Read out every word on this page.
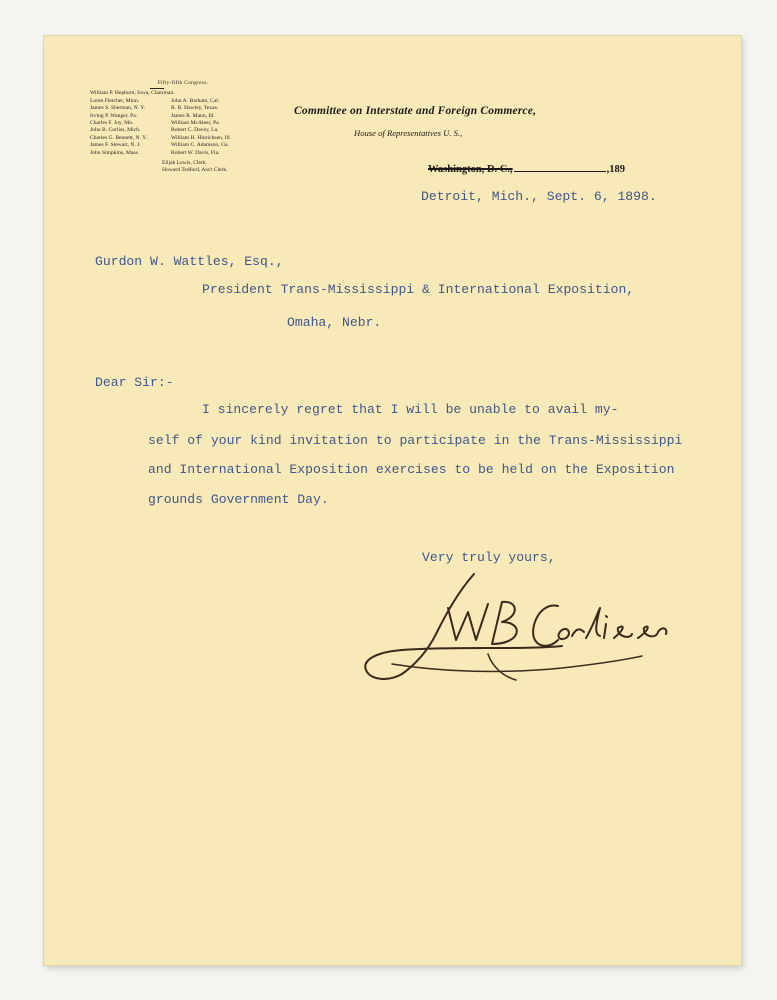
Fifty-fifth Congress.
William P. Hepburn, Iowa, Chairman.
Loren Fletcher, Minn.	John A. Barham, Cal.
James S. Sherman, N. Y.	R. B. Hawley, Texas.
Irving P. Wanger, Pa.	James R. Mann, Ill.
Charles F. Joy, Mo.	William McAleer, Pa.
John B. Corliss, Mich.	Robert C. Davey, La.
Charles G. Bennett, N. Y.	William H. Hinrichsen, Ill.
James F. Stewart, N. J.	William C. Adamson, Ga.
John Simpkins, Mass.	Robert W. Davis, Fla.
Elijah Lewis, Clerk.
Howard Tedford, Ass't Clerk.
Committee on Interstate and Foreign Commerce,
House of Representatives U. S.,
Washington, D. C.,	,189
Detroit, Mich., Sept. 6, 1898.
Gurdon W. Wattles, Esq.,
President Trans-Mississippi & International Exposition,
Omaha, Nebr.
Dear Sir:-
I sincerely regret that I will be unable to avail my-
self of your kind invitation to participate in the Trans-Mississippi
and International Exposition exercises to be held on the Exposition
grounds Government Day.
Very truly yours,
